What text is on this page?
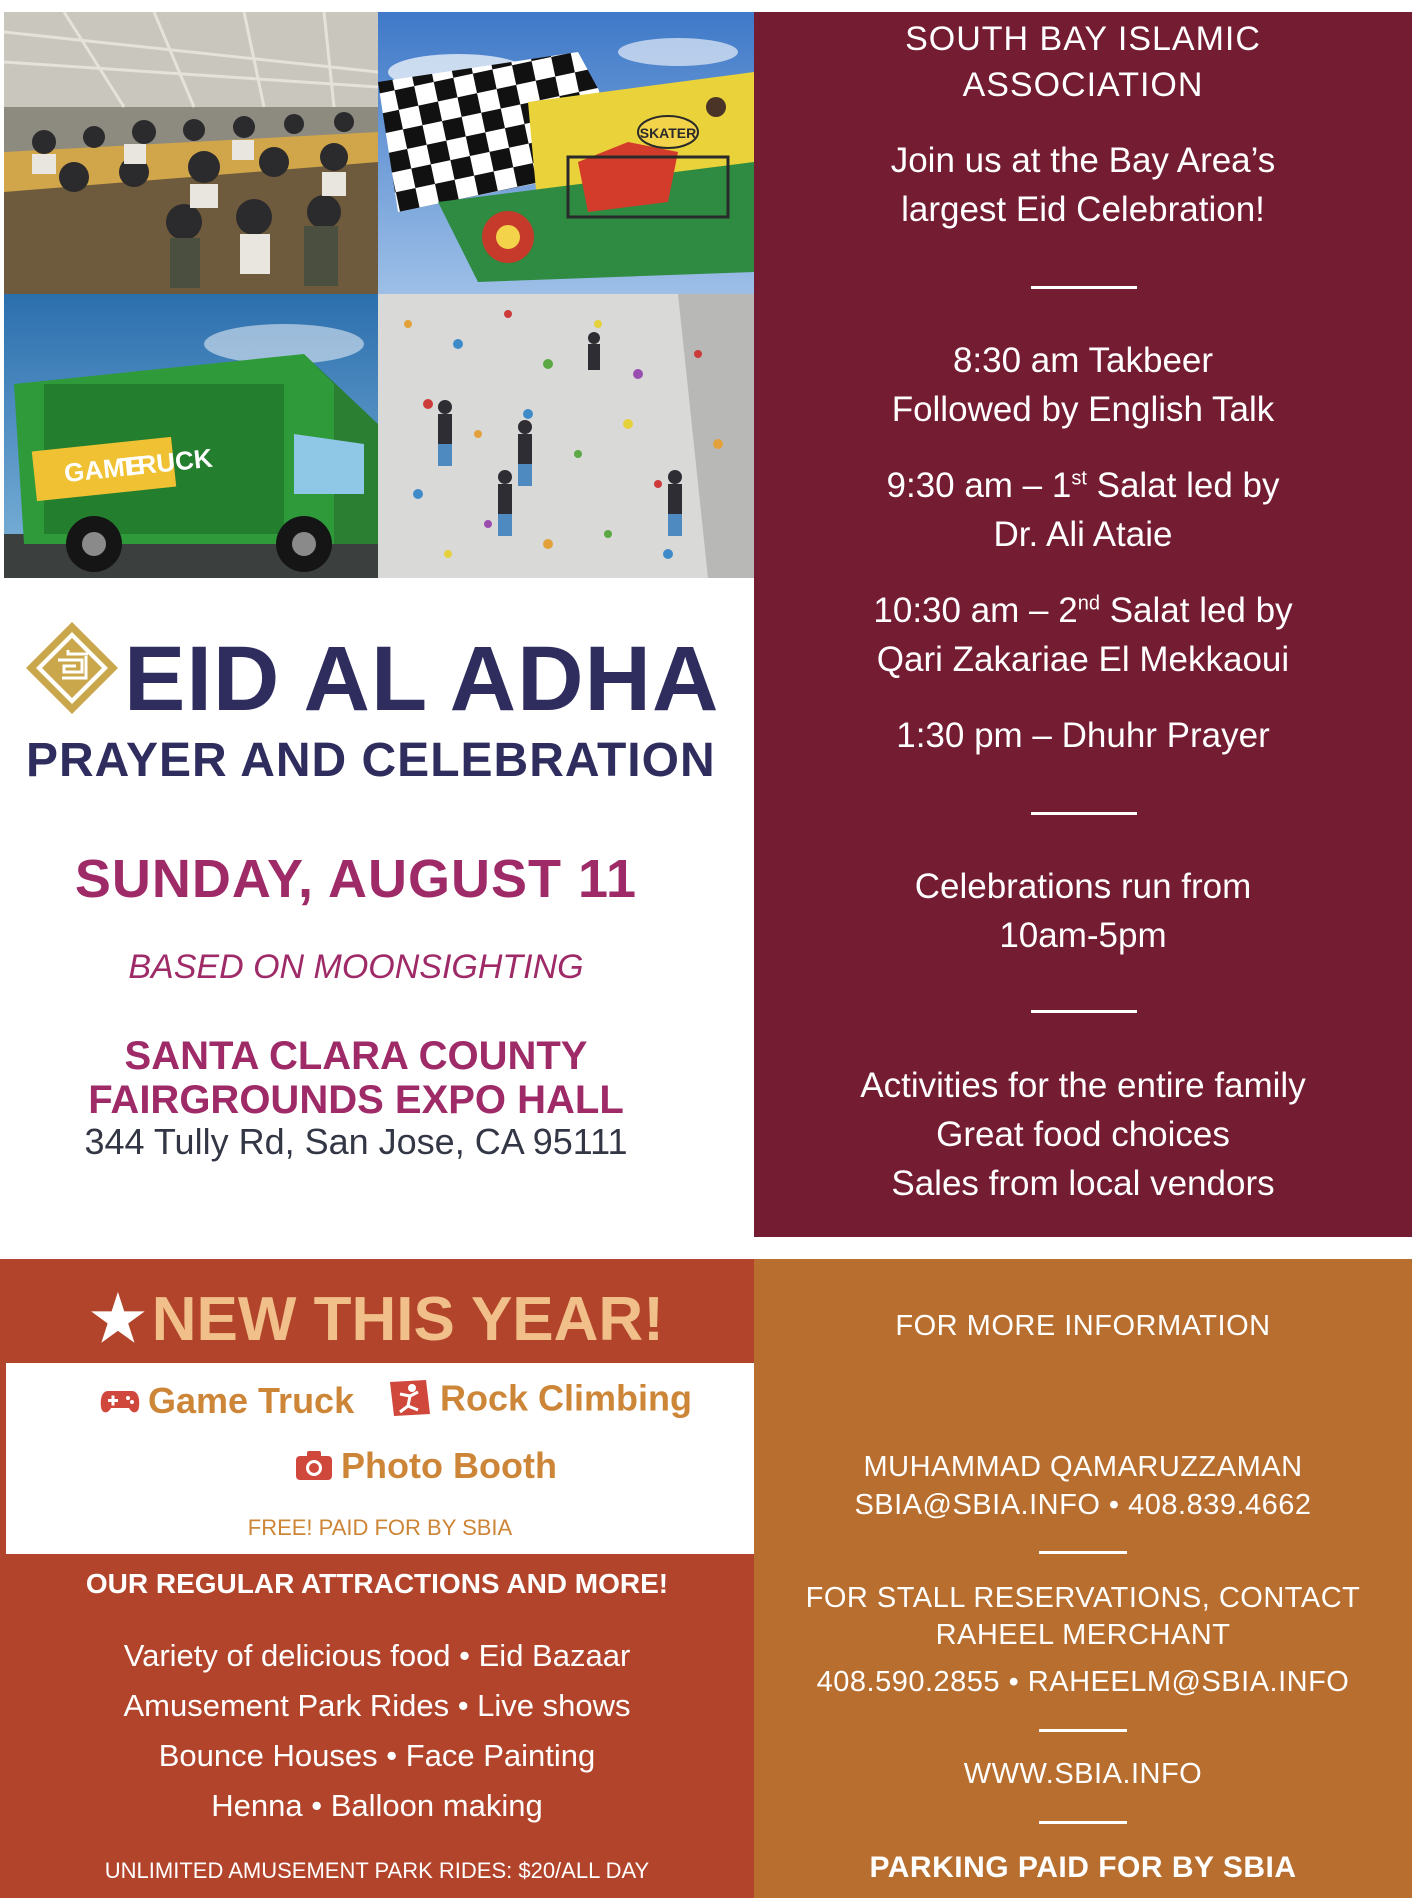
SKATER
GAME
TRUCK
EID AL ADHA
PRAYER AND CELEBRATION
SUNDAY, AUGUST 11
BASED ON MOONSIGHTING
SANTA CLARA COUNTY
FAIRGROUNDS EXPO HALL
344 Tully Rd, San Jose, CA 95111
SOUTH BAY ISLAMIC
ASSOCIATION
Join us at the Bay Area’s
largest Eid Celebration!
8:30 am Takbeer
Followed by English Talk
9:30 am – 1st Salat led by
Dr. Ali Ataie
10:30 am – 2nd Salat led by
Qari Zakariae El Mekkaoui
1:30 pm – Dhuhr Prayer
Celebrations run from
10am-5pm
Activities for the entire family
Great food choices
Sales from local vendors
★NEW THIS YEAR!
Game Truck	Rock Climbing
Photo Booth
FREE! PAID FOR BY SBIA
OUR REGULAR ATTRACTIONS AND MORE!
Variety of delicious food • Eid Bazaar
Amusement Park Rides • Live shows
Bounce Houses • Face Painting
Henna • Balloon making
UNLIMITED AMUSEMENT PARK RIDES: $20/ALL DAY
FOR MORE INFORMATION
MUHAMMAD QAMARUZZAMAN
SBIA@SBIA.INFO • 408.839.4662
FOR STALL RESERVATIONS, CONTACT
RAHEEL MERCHANT
408.590.2855 • RAHEELM@SBIA.INFO
WWW.SBIA.INFO
PARKING PAID FOR BY SBIA
